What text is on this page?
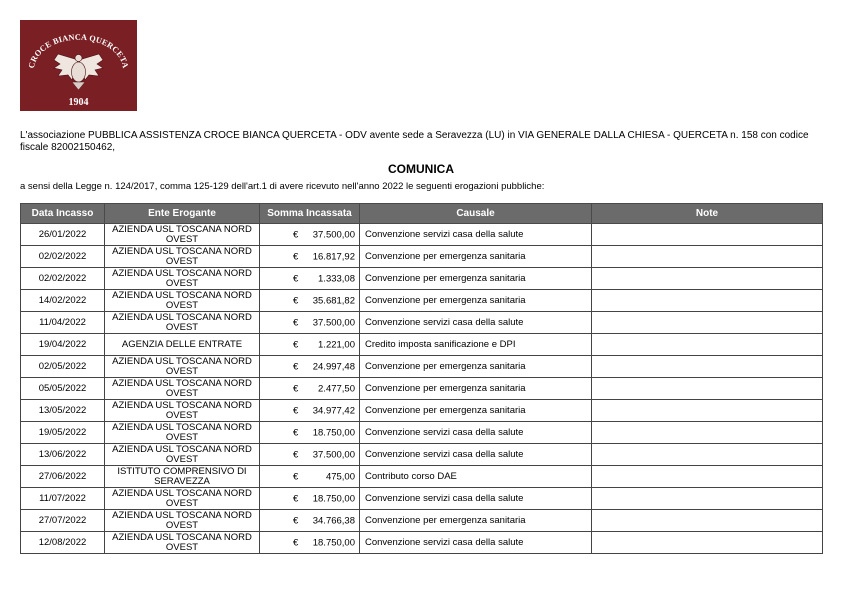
CROCE BIANCA QUERCETA
1904
L'associazione PUBBLICA ASSISTENZA CROCE BIANCA QUERCETA - ODV avente sede a Seravezza (LU) in VIA GENERALE DALLA CHIESA - QUERCETA n. 158 con codice fiscale 82002150462,
COMUNICA
a sensi della Legge n. 124/2017, comma 125-129 dell'art.1 di avere ricevuto nell'anno 2022 le seguenti erogazioni pubbliche:
Data Incasso	Ente Erogante	Somma Incassata	Causale	Note
26/01/2022	AZIENDA USL TOSCANA NORD OVEST	€ 37.500,00	Convenzione servizi casa della salute	
02/02/2022	AZIENDA USL TOSCANA NORD OVEST	€ 16.817,92	Convenzione per emergenza sanitaria	
02/02/2022	AZIENDA USL TOSCANA NORD OVEST	€ 1.333,08	Convenzione per emergenza sanitaria	
14/02/2022	AZIENDA USL TOSCANA NORD OVEST	€ 35.681,82	Convenzione per emergenza sanitaria	
11/04/2022	AZIENDA USL TOSCANA NORD OVEST	€ 37.500,00	Convenzione servizi casa della salute	
19/04/2022	AGENZIA DELLE ENTRATE	€ 1.221,00	Credito imposta sanificazione e DPI	
02/05/2022	AZIENDA USL TOSCANA NORD OVEST	€ 24.997,48	Convenzione per emergenza sanitaria	
05/05/2022	AZIENDA USL TOSCANA NORD OVEST	€ 2.477,50	Convenzione per emergenza sanitaria	
13/05/2022	AZIENDA USL TOSCANA NORD OVEST	€ 34.977,42	Convenzione per emergenza sanitaria	
19/05/2022	AZIENDA USL TOSCANA NORD OVEST	€ 18.750,00	Convenzione servizi casa della salute	
13/06/2022	AZIENDA USL TOSCANA NORD OVEST	€ 37.500,00	Convenzione servizi casa della salute	
27/06/2022	ISTITUTO COMPRENSIVO DI SERAVEZZA	€ 475,00	Contributo corso DAE	
11/07/2022	AZIENDA USL TOSCANA NORD OVEST	€ 18.750,00	Convenzione servizi casa della salute	
27/07/2022	AZIENDA USL TOSCANA NORD OVEST	€ 34.766,38	Convenzione per emergenza sanitaria	
12/08/2022	AZIENDA USL TOSCANA NORD OVEST	€ 18.750,00	Convenzione servizi casa della salute	
